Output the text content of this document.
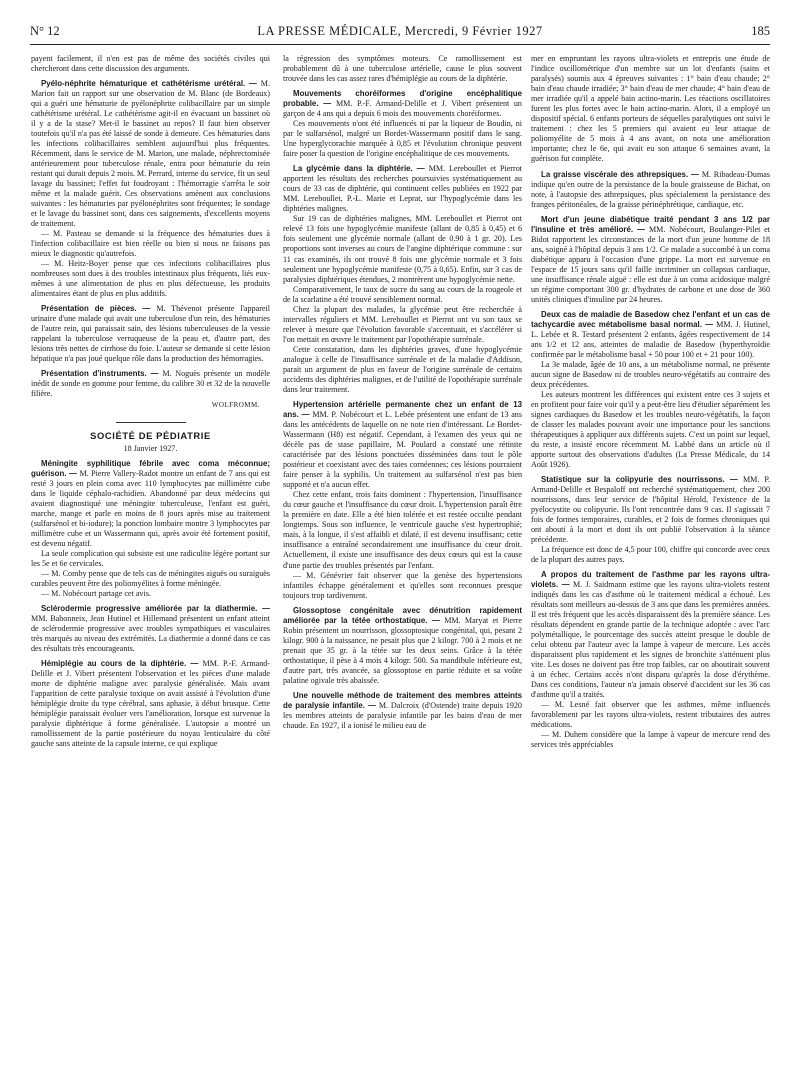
N° 12	LA PRESSE MÉDICALE, Mercredi, 9 Février 1927	185

payent facilement, il n'en est pas de même des sociétés civiles qui chercheront dans cette discussion des arguments.

Pyélo-néphrite hématurique et cathétérisme urétéral. — M. Marion fait un rapport sur une observation de M. Blanc (de Bordeaux) qui a guéri une hématurie de pyélonéphrite colibacillaire par un simple cathétérisme urétéral. Le cathétérisme agit-il en évacuant un bassinet où il y a de la stase? Met-il le bassinet au repos? Il faut bien observer toutefois qu'il n'a pas été laissé de sonde à demeure. Ces hématuries dans les infections colibacillaires semblent aujourd'hui plus fréquentes. Récemment, dans le service de M. Marion, une malade, néphrectomisée antérieurement pour tuberculose rénale, entra pour hématurie du rein restant qui durait depuis 2 mois. M. Perrard, interne du service, fit un seul lavage du bassinet; l'effet fut foudroyant : l'hémorragie s'arrêta le soir même et la malade guérit. Ces observations amènent aux conclusions suivantes : les hématuries par pyélonéphrites sont fréquentes; le sondage et le lavage du bassinet sont, dans ces saignements, d'excellents moyens de traitement.

— M. Pasteau se demande si la fréquence des hématuries dues à l'infection colibacillaire est bien réelle ou bien si nous ne faisons pas mieux le diagnostic qu'autrefois.

— M. Heitz-Boyer pense que ces infections colibacillaires plus nombreuses sont dues à des troubles intestinaux plus fréquents, liés eux-mêmes à une alimentation de plus en plus défectueuse, les produits alimentaires étant de plus en plus additifs.

Présentation de pièces. — M. Thévenot présente l'appareil urinaire d'une malade qui avait une tuberculose d'un rein, des hématuries de l'autre rein, qui paraissait sain, des lésions tuberculeuses de la vessie rappelant la tuberculose verruqueuse de la peau et, d'autre part, des lésions très nettes de cirrhose du foie. L'auteur se demande si cette lésion hépatique n'a pas joué quelque rôle dans la production des hémorragies.
Présentation d'instruments. — M. Noguès présente un modèle inédit de sonde en gomme pour femme, du calibre 30 et 32 de la nouvelle filière.
WOLFROMM.
SOCIÉTÉ DE PÉDIATRIE
18 Janvier 1927.
Méningite syphilitique fébrile avec coma méconnue; guérison. — M. Pierre Vallery-Radot montre un enfant de 7 ans qui est resté 3 jours en plein coma avec 110 lymphocytes par millimètre cube dans le liquide céphalo-rachidien. Abandonné par deux médecins qui avaient diagnostiqué une méningite tuberculeuse, l'enfant est guéri, marche, mange et parle en moins de 8 jours après mise au traitement (sulfarsénol et bi-iodure); la ponction lombaire montre 3 lymphocytes par millimètre cube et un Wassermann qui, après avoir été fortement positif, est devenu négatif.

La seule complication qui subsiste est une radiculite légère portant sur les 5e et 6e cervicales.

— M. Comby pense que de tels cas de méningites aiguës ou suraiguës curables peuvent être des poliomyélites à forme méningée.

— M. Nobécourt partage cet avis.

Sclérodermie progressive améliorée par la diathermie. — MM. Babonneix, Jean Hutinel et Hillemand présentent un enfant atteint de sclérodermie progressive avec troubles sympathiques et vasculaires très marqués au niveau des extrémités. La diathermie a donné dans ce cas des résultats très encourageants.
Hémiplégie au cours de la diphtérie. — MM. P.-F. Armand-Delille et J. Vibert présentent l'observation et les pièces d'une malade morte de diphtérie maligne avec paralysie généralisée. Mais avant l'apparition de cette paralysie toxique on avait assisté à l'évolution d'une hémiplégie droite du type cérébral, sans aphasie, à début brusque. Cette hémiplégie paraissait évoluer vers l'amélioration, lorsque est survenue la paralysie diphtérique à forme généralisée. L'autopsie a montré un ramollissement de la partie postérieure du noyau lenticulaire du côté gauche sans atteinte de la capsule interne, ce qui explique

la régression des symptômes moteurs. Ce ramollissement est probablement dû à une tuberculose artérielle, cause le plus souvent trouvée dans les cas assez rares d'hémiplégie au cours de la diphtérie.

Mouvements choréiformes d'origine encéphalitique probable. — MM. P.-F. Armand-Delille et J. Vibert présentent un garçon de 4 ans qui a depuis 6 mois des mouvements choréiformes.

Ces mouvements n'ont été influencés ni par la liqueur de Boudin, ni par le sulfarsénol, malgré un Bordet-Wassermann positif dans le sang. Une hyperglycorachie marquée à 0,85 et l'évolution chronique peuvent faire poser la question de l'origine encéphalitique de ces mouvements.

La glycémie dans la diphtérie. — MM. Lereboullet et Pierrot apportent les résultats des recherches poursuivies systématiquement au cours de 33 cas de diphtérie, qui continuent celles publiées en 1922 par MM. Lereboullet, P.-L. Marie et Leprat, sur l'hypoglycémie dans les diphtéries malignes.

Sur 19 cas de diphtéries malignes, MM. Lereboullet et Pierrot ont relevé 13 fois une hypoglycémie manifeste (allant de 0,85 à 0,45) et 6 fois seulement une glycémie normale (allant de 0.90 à 1 gr. 20). Les proportions sont inverses au cours de l'angine diphtérique commune : sur 11 cas examinés, ils ont trouvé 8 fois une glycémie normale et 3 fois seulement une hypoglycémie manifeste (0,75 à 0,65). Enfin, sur 3 cas de paralysies diphtériques étendues, 2 montrèrent une hypoglycémie nette.

Comparativement, le taux de sucre du sang au cours de la rougeole et de la scarlatine a été trouvé sensiblement normal.

Chez la plupart des malades, la glycémie peut être recherchée à intervalles réguliers et MM. Lereboullet et Pierrot ont vu son taux se relever à mesure que l'évolution favorable s'accentuait, et s'accélérer si l'on mettait en œuvre le traitement par l'opothérapie surrénale.

Cette constatation, dans les diphtéries graves, d'une hypoglycémie analogue à celle de l'insuffisance surrénale et de la maladie d'Addison, parait un argument de plus en faveur de l'origine surrénale de certains accidents des diphtéries malignes, et de l'utilité de l'opothérapie surrénale dans leur traitement.

Hypertension artérielle permanente chez un enfant de 13 ans. — MM. P. Nobécourt et L. Lebée présentent une enfant de 13 ans dans les antécédents de laquelle on ne note rien d'intéressant. Le Bordet-Wassermann (H8) est négatif. Cependant, à l'examen des yeux qui ne décèle pas de stase papillaire, M. Poulard a constaté une rétinite caractérisée par des lésions ponctuées disséminées dans tout le pôle postérieur et coexistant avec des taies cornéennes; ces lésions pourraient faire penser à la syphilis. Un traitement au sulfarsénol n'est pas bien supporté et n'a aucun effet.

Chez cette enfant, trois faits dominent : l'hypertension, l'insuffisance du cœur gauche et l'insuffisance du cœur droit. L'hypertension paraît être la première en date. Elle a été bien tolérée et est restée occulte pendant longtemps. Sous son influence, le ventricule gauche s'est hypertrophié; mais, à la longue, il s'est affaibli et dilaté, il est devenu insuffisant; cette insuffisance a entraîné secondairement une insuffisance du cœur droit. Actuellement, il existe une insuffisance des deux cœurs qui est la cause d'une partie des troubles présentés par l'enfant.

— M. Génévrier fait observer que la genèse des hypertensions infantiles échappe généralement et qu'elles sont reconnues presque toujours trop tardivement.

Glossoptose congénitale avec dénutrition rapidement améliorée par la tétée orthostatique. — MM. Maryat et Pierre Robin présentent un nourrisson, glossoptosique congénital, qui, pesant 2 kilogr. 900 à la naissance, ne pesait plus que 2 kilogr. 700 à 2 mois et ne prenait que 35 gr. à la tétée sur les deux seins. Grâce à la tétée orthostatique, il pèse à 4 mois 4 kilogr. 500. Sa mandibule inférieure est, d'autre part, très avancée, sa glossoptose en partie réduite et sa voûte palatine ogivale très abaissée.
Une nouvelle méthode de traitement des membres atteints de paralysie infantile. — M. Dalcroix (d'Ostende) traite depuis 1920 les membres atteints de paralysie infantile par les bains d'eau de mer chaude. En 1927, il a ionisé le milieu eau de

mer en empruntant les rayons ultra-violets et entrepris une étude de l'indice oscillométrique d'un membre sur un lot d'enfants (sains et paralysés) soumis aux 4 épreuves suivantes : 1° bain d'eau chaude; 2° bain d'eau chaude irradiée; 3° bain d'eau de mer chaude; 4° bain d'eau de mer irradiée qu'il a appelé bain actino-marin. Les réactions oscillatoires furent les plus fortes avec le bain actino-marin. Alors, il a employé un dispositif spécial. 6 enfants porteurs de séquelles paralytiques ont suivi le traitement : chez les 5 premiers qui avaient eu leur attaque de poliomyélite de 5 mois à 4 ans avant, on nota une amélioration importante; chez le 6e, qui avait eu son attaque 6 semaines avant, la guérison fut complète.

La graisse viscérale des athrepsiques. — M. Ribadeau-Dumas indique qu'en outre de la persistance de la boule graisseuse de Bichat, on note, à l'autopsie des athrepsiques, plus spécialement la persistance des franges péritonéales, de la graisse périnéphrétique, cardiaque, etc.
Mort d'un jeune diabétique traité pendant 3 ans 1/2 par l'insuline et très amélioré. — MM. Nobécourt, Boulanger-Pilet et Bidot rapportent les circonstances de la mort d'un jeune homme de 18 ans, soigné à l'hôpital depuis 3 ans 1/2. Ce malade a succombé à un coma diabétique apparu à l'occasion d'une grippe. La mort est survenue en l'espace de 15 jours sans qu'il faille incriminer un collapsus cardiaque, une insuffisance rénale aiguë : elle est due à un coma acidosique malgré un régime comportant 300 gr. d'hydrates de carbone et une dose de 360 unités cliniques d'insuline par 24 heures.
Deux cas de maladie de Basedow chez l'enfant et un cas de tachycardie avec métabolisme basal normal. — MM. J. Hutinel, L. Lebée et R. Testard présentent 2 enfants, âgées respectivement de 14 ans 1/2 et 12 ans, atteintes de maladie de Basedow (hyperthyroïdie confirmée par le métabolisme basal + 50 pour 100 et + 21 pour 100).

La 3e malade, âgée de 10 ans, a un métabolisme normal, ne présente aucun signe de Basedow ni de troubles neuro-végétatifs au contraire des deux précédentes.

Les auteurs montrent les différences qui existent entre ces 3 sujets et en profitent pour faire voir qu'il y a peut-être lieu d'étudier séparément les signes cardiaques du Basedow et les troubles neuro-végétatifs, la façon de classer les malades pouvant avoir une importance pour les sanctions thérapeutiques à appliquer aux différents sujets. C'est un point sur lequel, du reste, a insisté encore récemment M. Labbé dans un article où il apporte surtout des observations d'adultes (La Presse Médicale, du 14 Août 1926).

Statistique sur la colipyurie des nourrissons. — MM. P. Armand-Delille et Bespaloff ont recherché systématiquement, chez 200 nourrissons, dans leur service de l'hôpital Hérold, l'existence de la pyélocystite ou colipyurie. Ils l'ont rencontrée dans 9 cas. Il s'agissait 7 fois de formes temporaires, curables, et 2 fois de formes chroniques qui ont abouti à la mort et dont ils ont publié l'observation à la séance précédente.

La fréquence est donc de 4,5 pour 100, chiffre qui concorde avec ceux de la plupart des autres pays.

A propos du traitement de l'asthme par les rayons ultra-violets. — M. J. Saidmann estime que les rayons ultra-violets restent indiqués dans les cas d'asthme où le traitement médical a échoué. Les résultats sont meilleurs au-dessus de 3 ans que dans les premières années. Il est très fréquent que les accès disparaissent dès la première séance. Les résultats dépendent en grande partie de la technique adoptée : avec l'arc polymétallique, le pourcentage des succès atteint presque le double de celui obtenu par l'auteur avec la lampe à vapeur de mercure. Les accès disparaissent plus rapidement et les signes de bronchite s'atténuent plus vite. Les doses ne doivent pas être trop faibles, car on aboutirait souvent à un échec. Certains accès n'ont disparu qu'après la dose d'érythème. Dans ces conditions, l'auteur n'a jamais observé d'accident sur les 36 cas d'asthme qu'il a traités.

— M. Lesné fait observer que les asthmes, même influencés favorablement par les rayons ultra-violets, restent tributaires des autres médications.

— M. Duhem considère que la lampe à vapeur de mercure rend des services très appréciables
